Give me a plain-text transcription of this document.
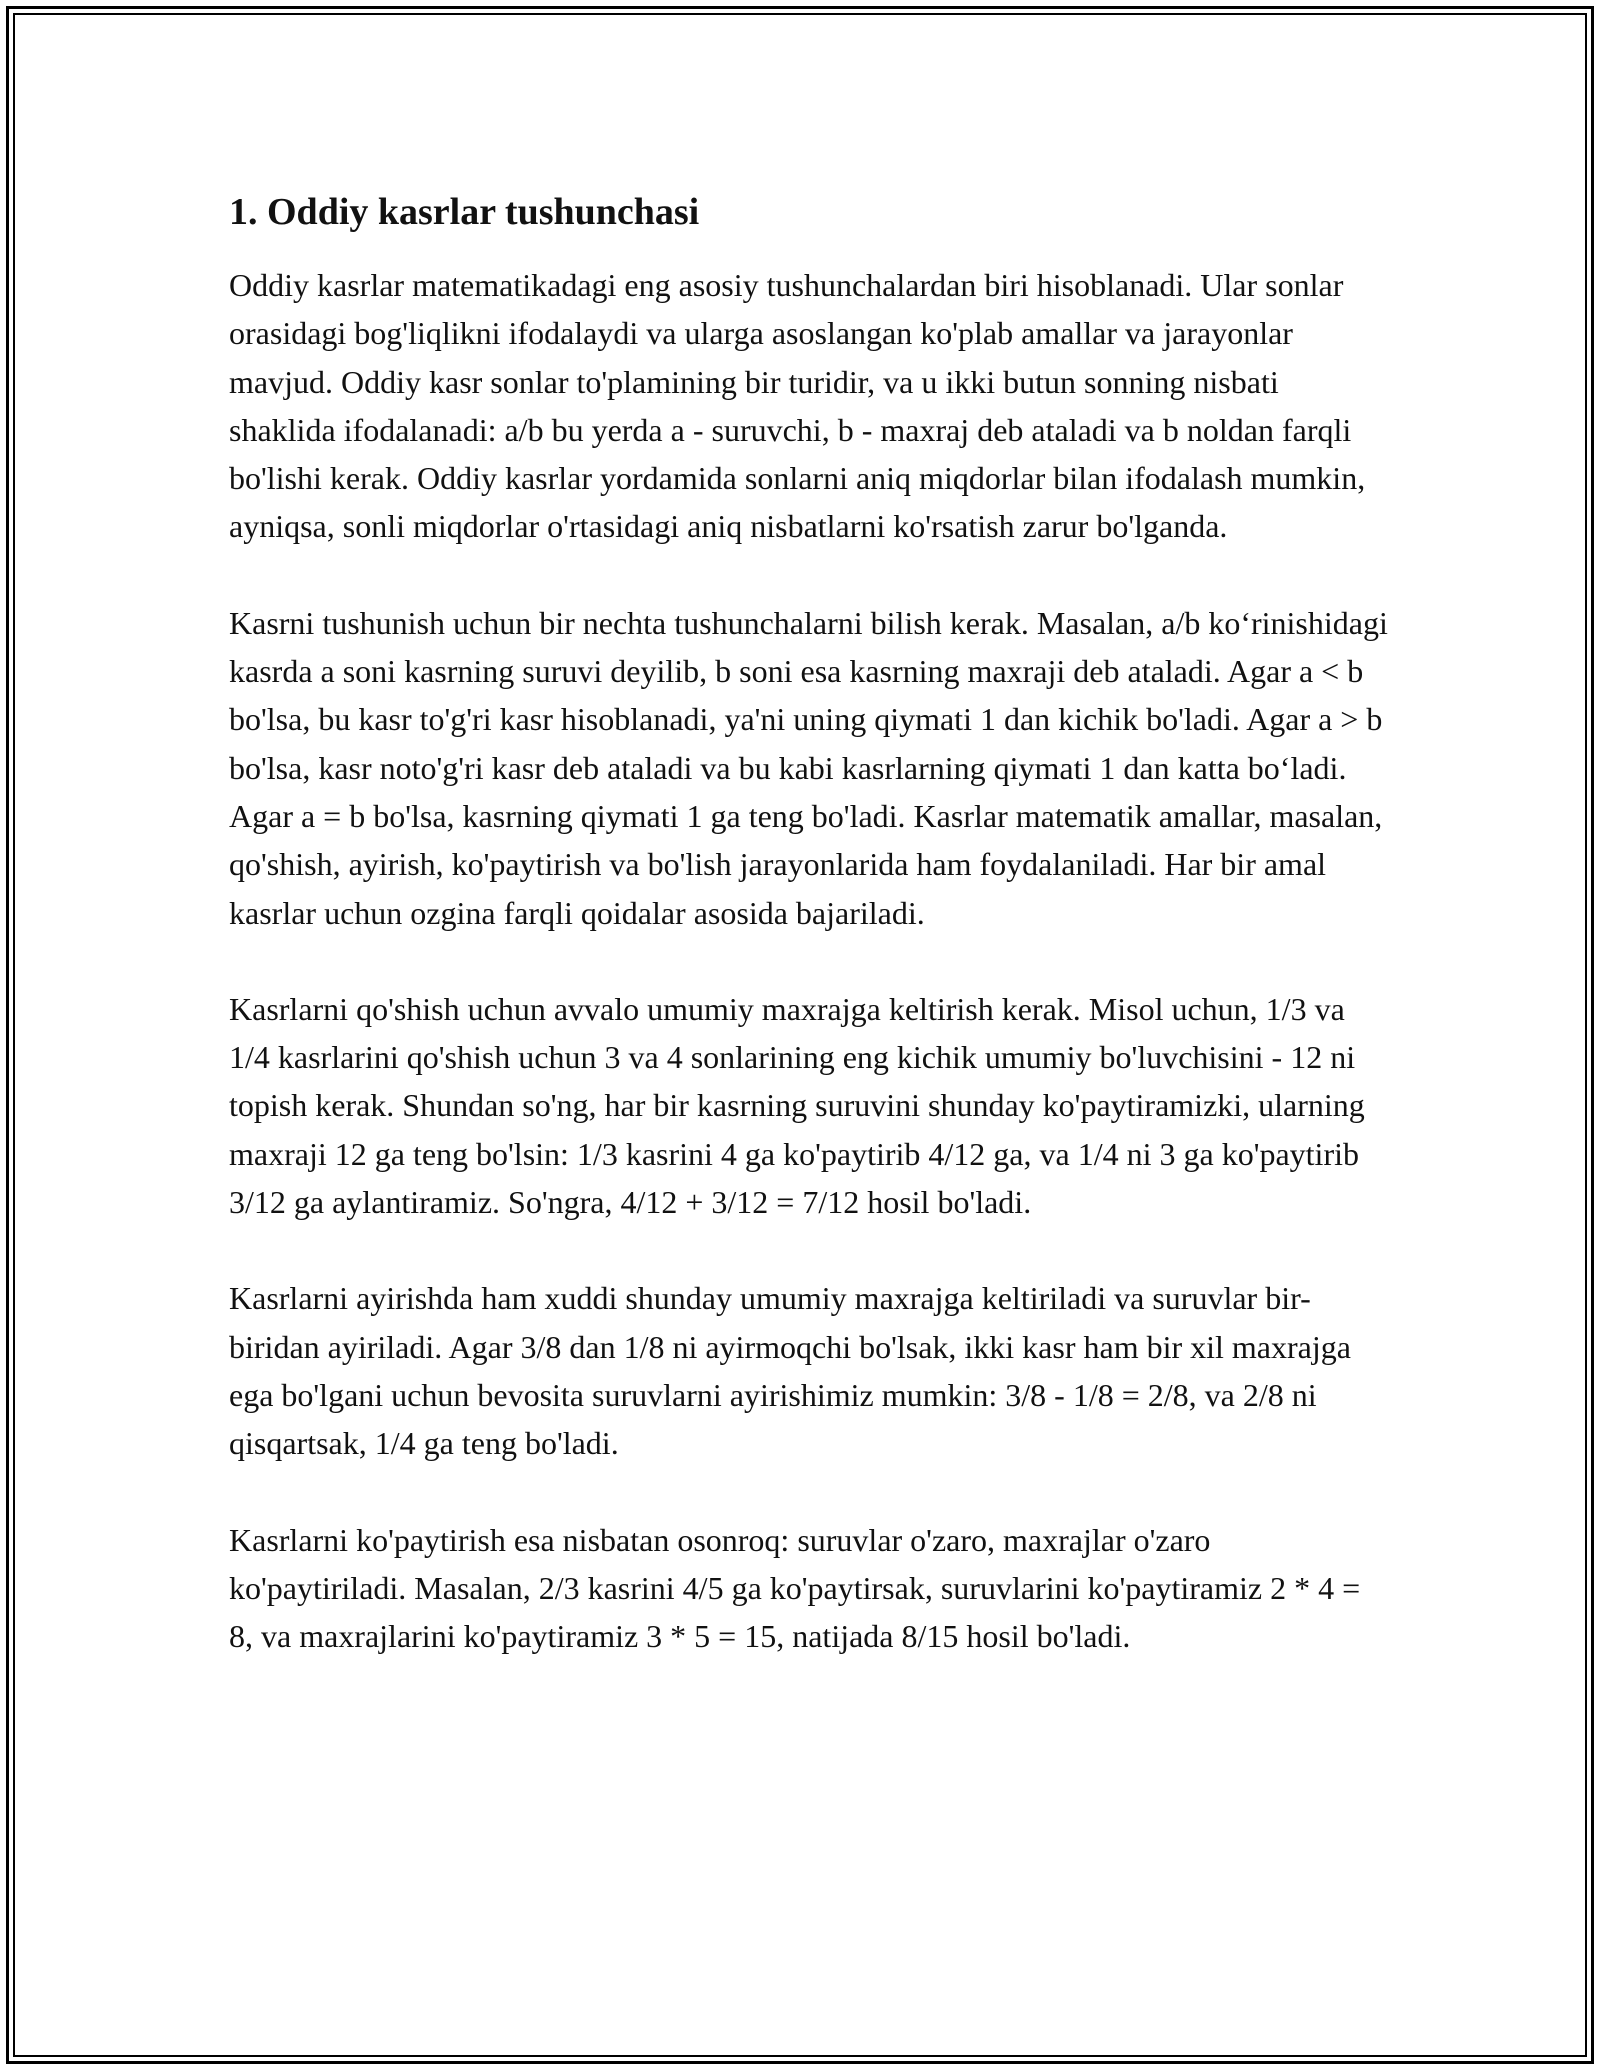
1. Oddiy kasrlar tushunchasi

Oddiy kasrlar matematikadagi eng asosiy tushunchalardan biri hisoblanadi. Ular sonlar orasidagi bog'liqlikni ifodalaydi va ularga asoslangan ko'plab amallar va jarayonlar mavjud. Oddiy kasr sonlar to'plamining bir turidir, va u ikki butun sonning nisbati shaklida ifodalanadi: a/b bu yerda a - suruvchi, b - maxraj deb ataladi va b noldan farqli bo'lishi kerak. Oddiy kasrlar yordamida sonlarni aniq miqdorlar bilan ifodalash mumkin, ayniqsa, sonli miqdorlar o'rtasidagi aniq nisbatlarni ko'rsatish zarur bo'lganda.

Kasrni tushunish uchun bir nechta tushunchalarni bilish kerak. Masalan, a/b ko‘rinishidagi kasrda a soni kasrning suruvi deyilib, b soni esa kasrning maxraji deb ataladi. Agar a < b bo'lsa, bu kasr to'g'ri kasr hisoblanadi, ya'ni uning qiymati 1 dan kichik bo'ladi. Agar a > b bo'lsa, kasr noto'g'ri kasr deb ataladi va bu kabi kasrlarning qiymati 1 dan katta bo‘ladi. Agar a = b bo'lsa, kasrning qiymati 1 ga teng bo'ladi. Kasrlar matematik amallar, masalan, qo'shish, ayirish, ko'paytirish va bo'lish jarayonlarida ham foydalaniladi. Har bir amal kasrlar uchun ozgina farqli qoidalar asosida bajariladi.

Kasrlarni qo'shish uchun avvalo umumiy maxrajga keltirish kerak. Misol uchun, 1/3 va 1/4 kasrlarini qo'shish uchun 3 va 4 sonlarining eng kichik umumiy bo'luvchisini - 12 ni topish kerak. Shundan so'ng, har bir kasrning suruvini shunday ko'paytiramizki, ularning maxraji 12 ga teng bo'lsin: 1/3 kasrini 4 ga ko'paytirib 4/12 ga, va 1/4 ni 3 ga ko'paytirib 3/12 ga aylantiramiz. So'ngra, 4/12 + 3/12 = 7/12 hosil bo'ladi.

Kasrlarni ayirishda ham xuddi shunday umumiy maxrajga keltiriladi va suruvlar bir-biridan ayiriladi. Agar 3/8 dan 1/8 ni ayirmoqchi bo'lsak, ikki kasr ham bir xil maxrajga ega bo'lgani uchun bevosita suruvlarni ayirishimiz mumkin: 3/8 - 1/8 = 2/8, va 2/8 ni qisqartsak, 1/4 ga teng bo'ladi.

Kasrlarni ko'paytirish esa nisbatan osonroq: suruvlar o'zaro, maxrajlar o'zaro ko'paytiriladi. Masalan, 2/3 kasrini 4/5 ga ko'paytirsak, suruvlarini ko'paytiramiz 2 * 4 = 8, va maxrajlarini ko'paytiramiz 3 * 5 = 15, natijada 8/15 hosil bo'ladi.
